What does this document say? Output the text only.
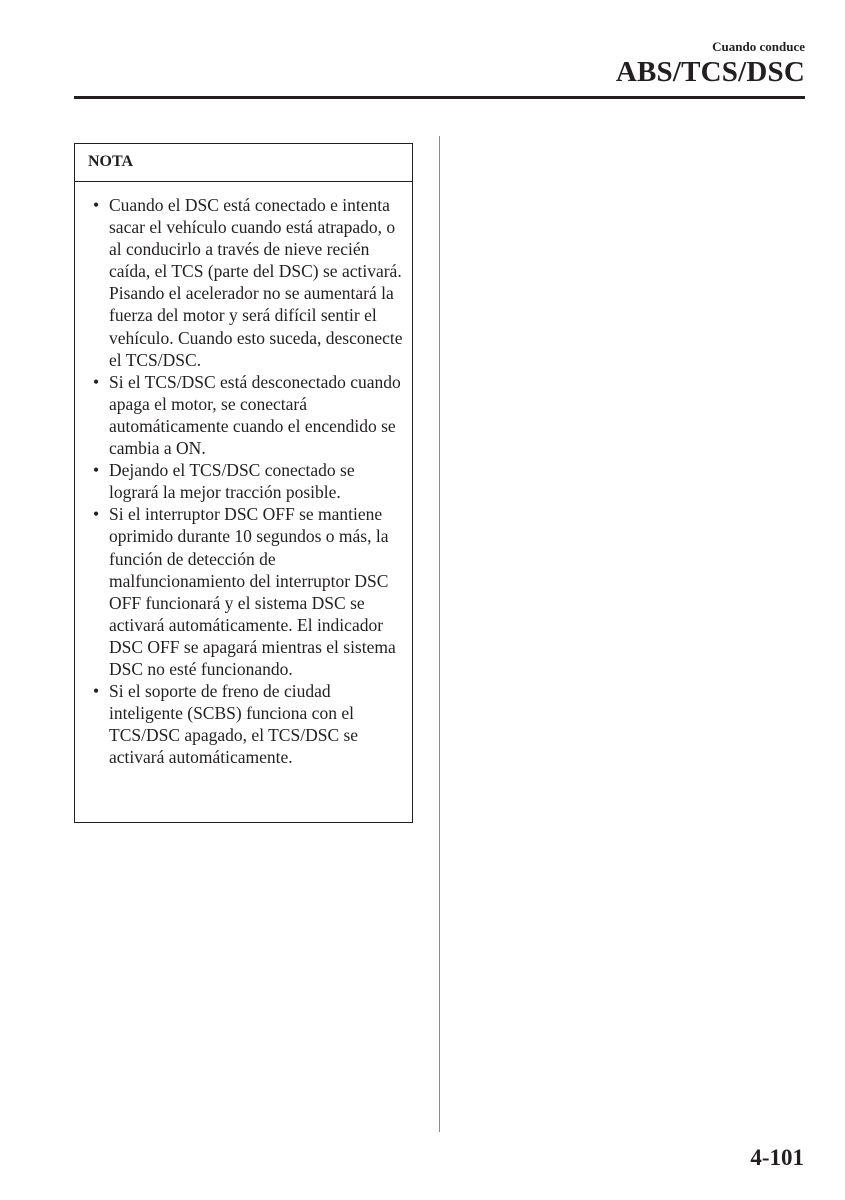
Cuando conduce
ABS/TCS/DSC
NOTA
• Cuando el DSC está conectado e intenta sacar el vehículo cuando está atrapado, o al conducirlo a través de nieve recién caída, el TCS (parte del DSC) se activará. Pisando el acelerador no se aumentará la fuerza del motor y será difícil sentir el vehículo. Cuando esto suceda, desconecte el TCS/DSC.
• Si el TCS/DSC está desconectado cuando apaga el motor, se conectará automáticamente cuando el encendido se cambia a ON.
• Dejando el TCS/DSC conectado se logrará la mejor tracción posible.
• Si el interruptor DSC OFF se mantiene oprimido durante 10 segundos o más, la función de detección de malfuncionamiento del interruptor DSC OFF funcionará y el sistema DSC se activará automáticamente. El indicador DSC OFF se apagará mientras el sistema DSC no esté funcionando.
• Si el soporte de freno de ciudad inteligente (SCBS) funciona con el TCS/DSC apagado, el TCS/DSC se activará automáticamente.
4-101
